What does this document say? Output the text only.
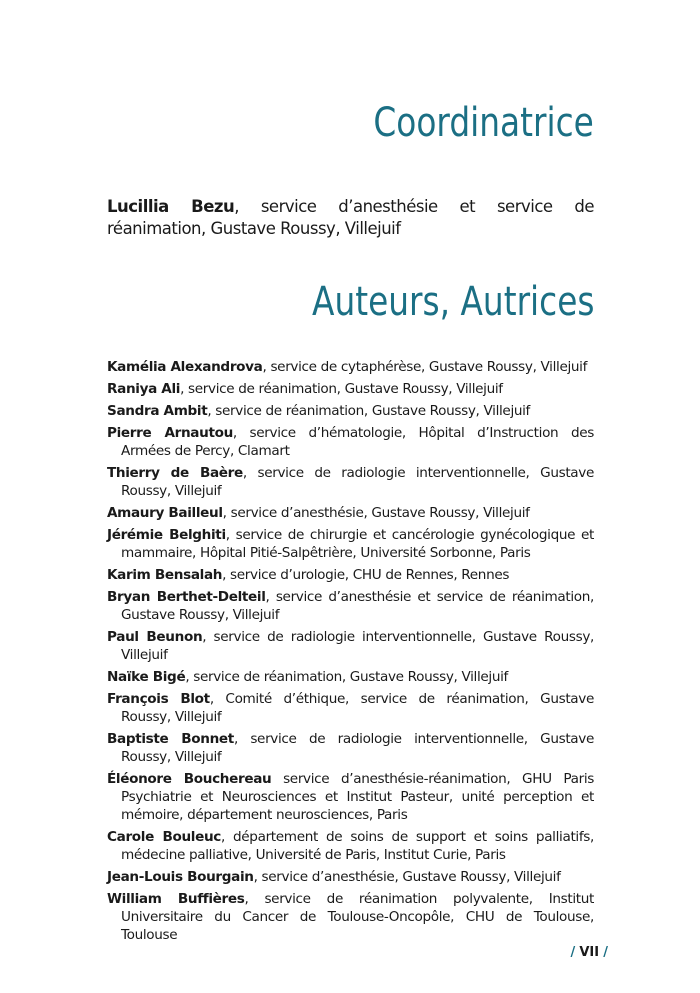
Coordinatrice

Lucillia Bezu, service d’anesthésie et service de réanimation, Gustave Roussy, Villejuif

Auteurs, Autrices
Kamélia Alexandrova, service de cytaphérèse, Gustave Roussy, Villejuif
Raniya Ali, service de réanimation, Gustave Roussy, Villejuif
Sandra Ambit, service de réanimation, Gustave Roussy, Villejuif
Pierre Arnautou, service d’hématologie, Hôpital d’Instruction des Armées de Percy, Clamart
Thierry de Baère, service de radiologie interventionnelle, Gustave Roussy, Villejuif
Amaury Bailleul, service d’anesthésie, Gustave Roussy, Villejuif
Jérémie Belghiti, service de chirurgie et cancérologie gynécologique et mammaire, Hôpital Pitié-Salpêtrière, Université Sorbonne, Paris
Karim Bensalah, service d’urologie, CHU de Rennes, Rennes
Bryan Berthet-Delteil, service d’anesthésie et service de réanimation, Gustave Roussy, Villejuif
Paul Beunon, service de radiologie interventionnelle, Gustave Roussy, Villejuif
Naïke Bigé, service de réanimation, Gustave Roussy, Villejuif
François Blot, Comité d’éthique, service de réanimation, Gustave Roussy, Villejuif
Baptiste Bonnet, service de radiologie interventionnelle, Gustave Roussy, Villejuif
Éléonore Bouchereau service d’anesthésie-réanimation, GHU Paris Psychiatrie et Neurosciences et Institut Pasteur, unité perception et mémoire, département neurosciences, Paris
Carole Bouleuc, département de soins de support et soins palliatifs, médecine palliative, Université de Paris, Institut Curie, Paris
Jean-Louis Bourgain, service d’anesthésie, Gustave Roussy, Villejuif
William Buffières, service de réanimation polyvalente, Institut Universitaire du Cancer de Toulouse-Oncopôle, CHU de Toulouse, Toulouse
/ VII /
